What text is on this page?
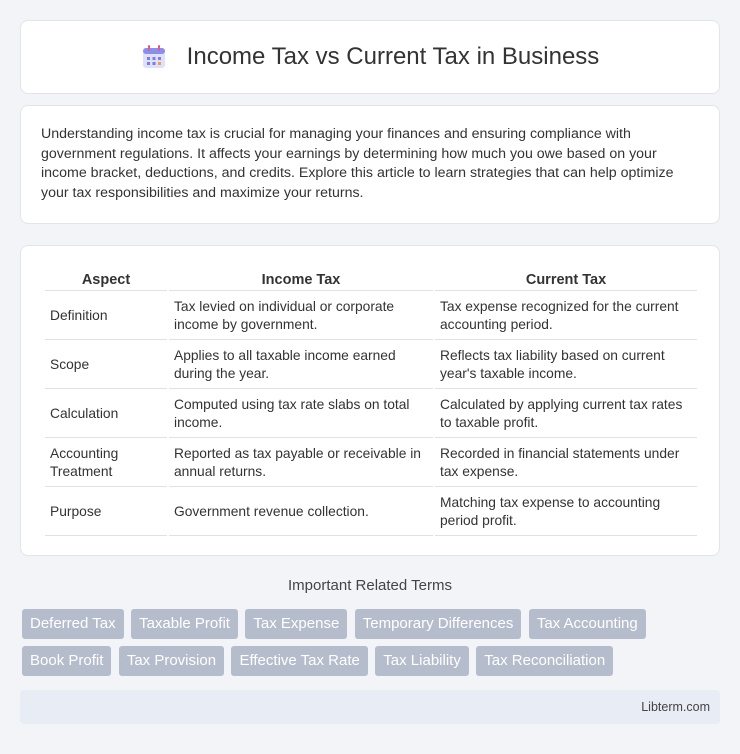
Income Tax vs Current Tax in Business

Understanding income tax is crucial for managing your finances and ensuring compliance with government regulations. It affects your earnings by determining how much you owe based on your income bracket, deductions, and credits. Explore this article to learn strategies that can help optimize your tax responsibilities and maximize your returns.

Aspect	Income Tax	Current Tax
Definition	Tax levied on individual or corporate income by government.	Tax expense recognized for the current accounting period.
Scope	Applies to all taxable income earned during the year.	Reflects tax liability based on current year's taxable income.
Calculation	Computed using tax rate slabs on total income.	Calculated by applying current tax rates to taxable profit.
Accounting Treatment	Reported as tax payable or receivable in annual returns.	Recorded in financial statements under tax expense.
Purpose	Government revenue collection.	Matching tax expense to accounting period profit.
Important Related Terms
Deferred Tax Taxable Profit Tax Expense Temporary Differences Tax Accounting
Book Profit Tax Provision Effective Tax Rate Tax Liability Tax Reconciliation
Libterm.com
